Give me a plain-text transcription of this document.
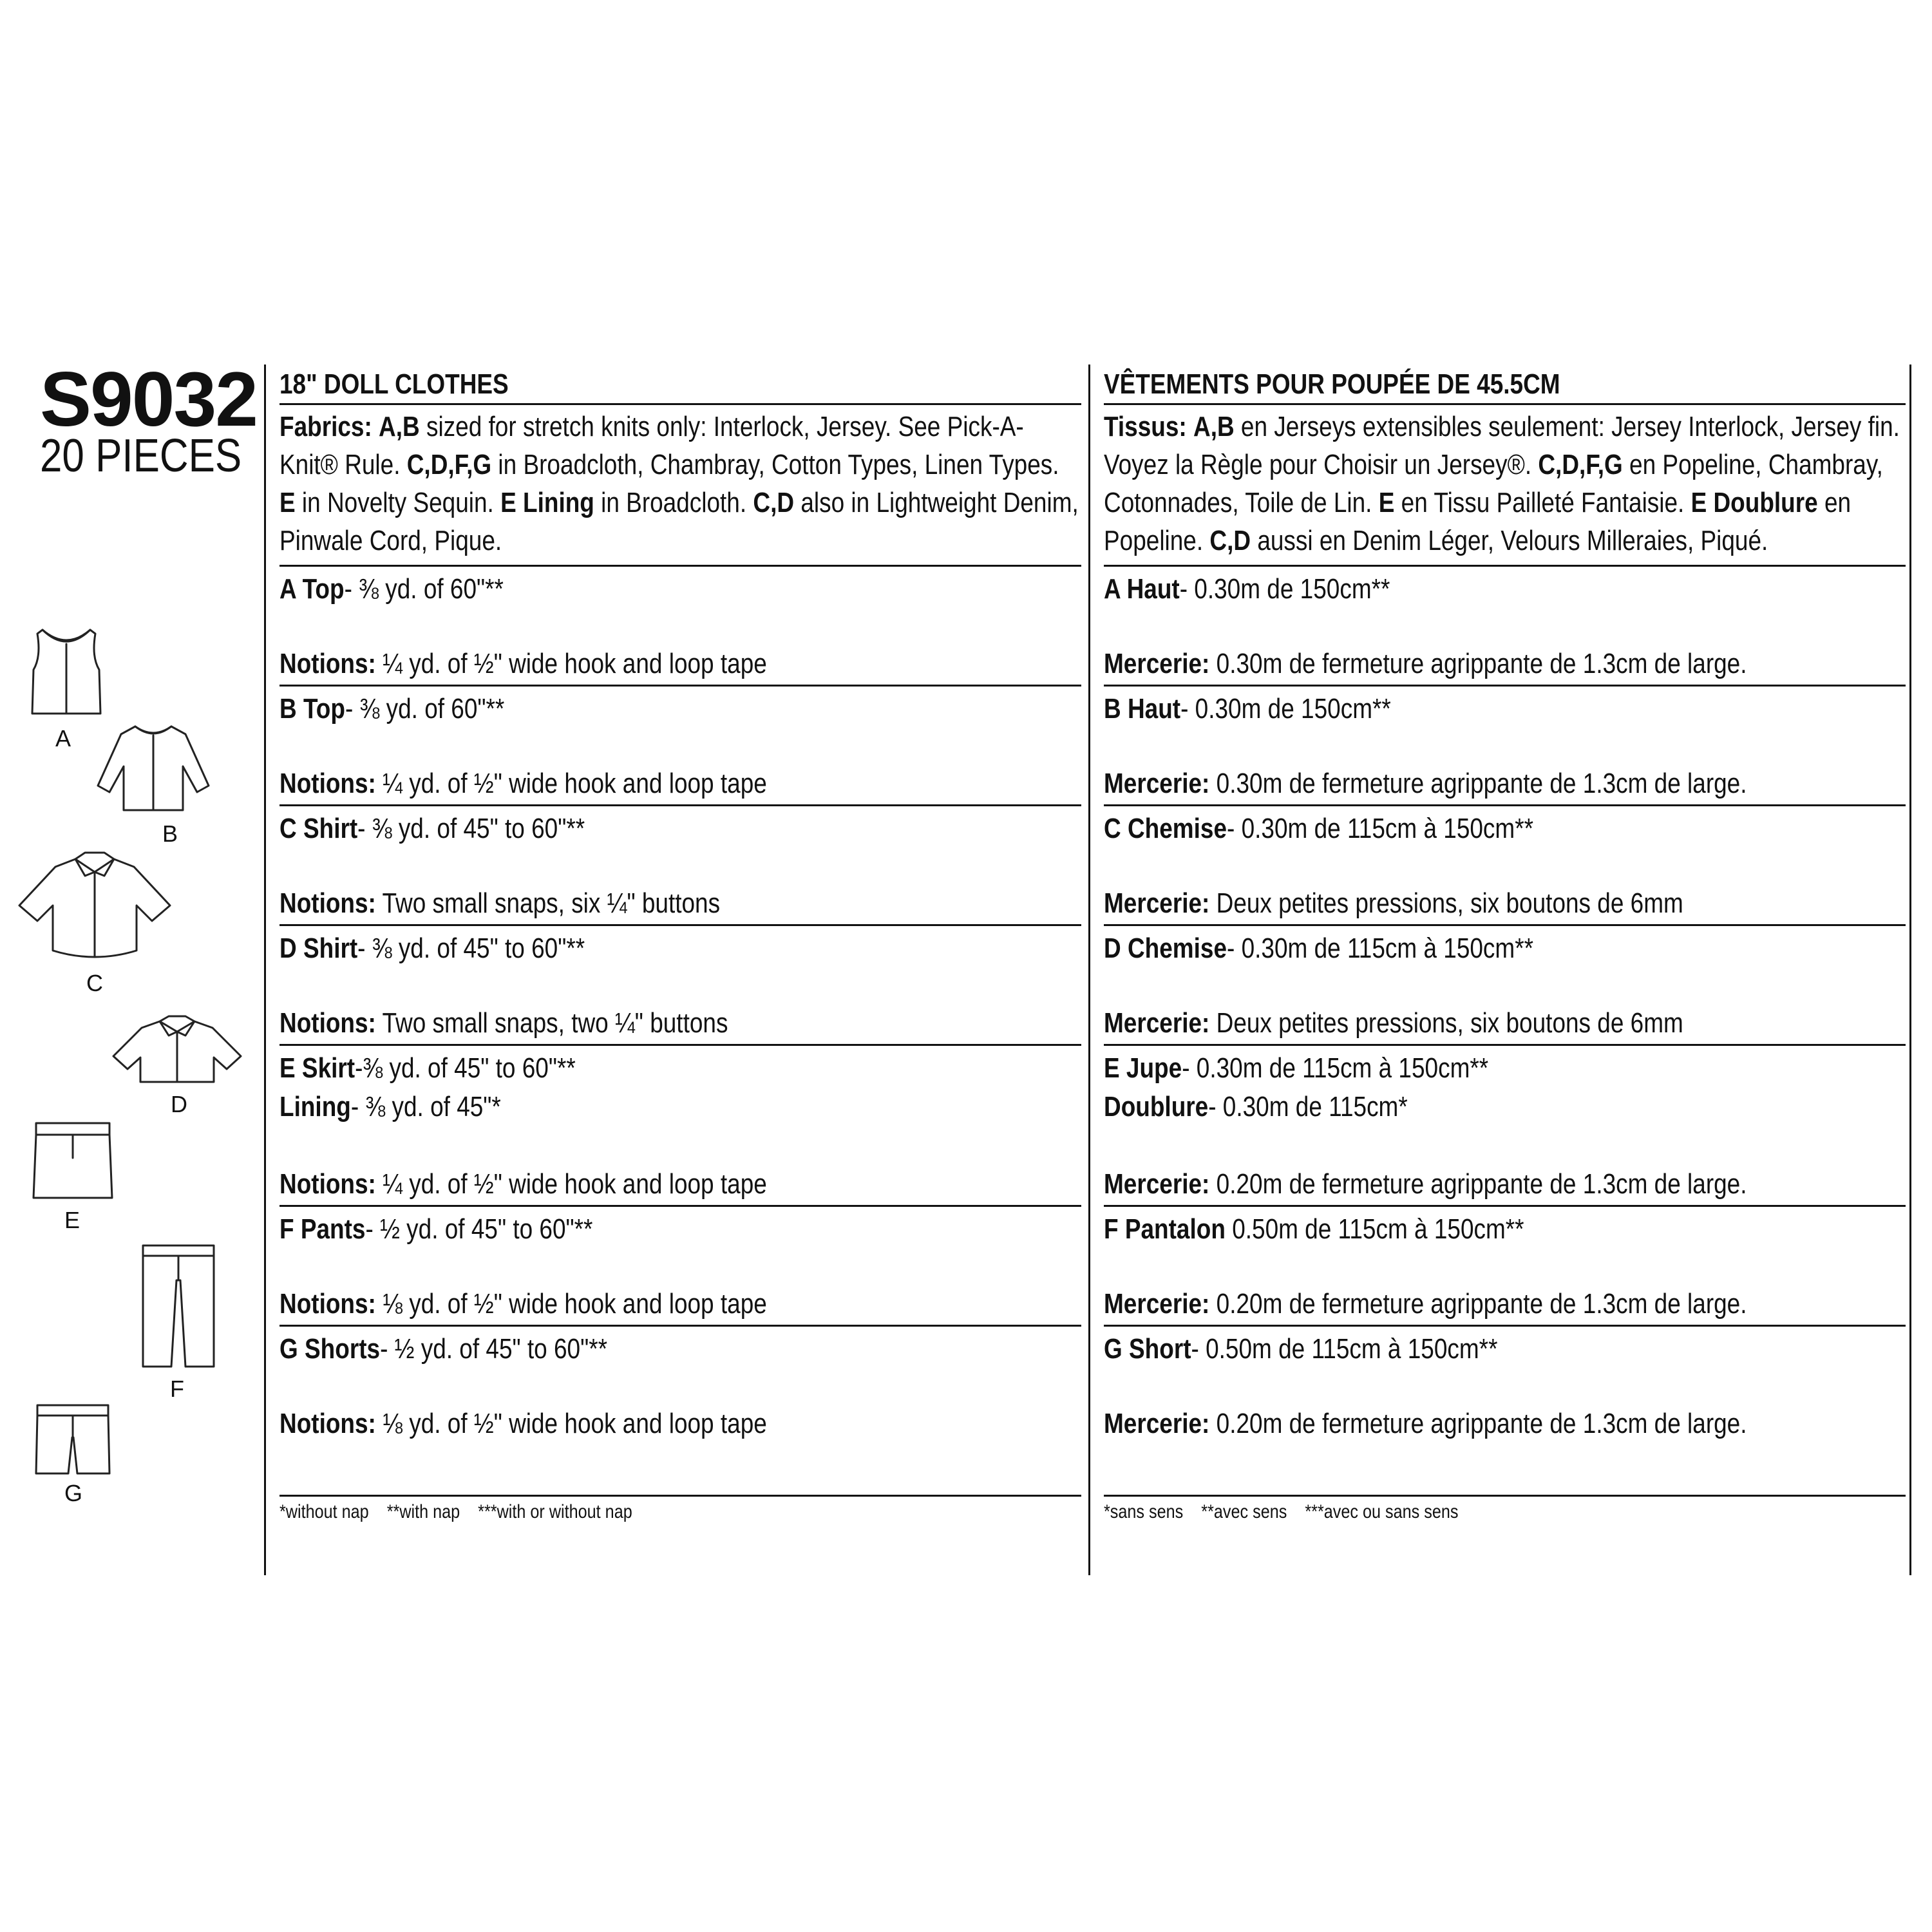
S9032
20 PIECES
A
B
C
D
E
F
G
18" DOLL CLOTHES
Fabrics: A,B sized for stretch knits only: Interlock, Jersey. See Pick-A-Knit® Rule. C,D,F,G in Broadcloth, Chambray, Cotton Types, Linen Types. E in Novelty Sequin. E Lining in Broadcloth. C,D also in Lightweight Denim, Pinwale Cord, Pique.
A Top- ⅜ yd. of 60"**
Notions: ¼ yd. of ½" wide hook and loop tape
B Top- ⅜ yd. of 60"**
Notions: ¼ yd. of ½" wide hook and loop tape
C Shirt- ⅜ yd. of 45" to 60"**
Notions: Two small snaps, six ¼" buttons
D Shirt- ⅜ yd. of 45" to 60"**
Notions: Two small snaps, two ¼" buttons
E Skirt-⅜ yd. of 45" to 60"**
Lining- ⅜ yd. of 45"*
Notions: ¼ yd. of ½" wide hook and loop tape
F Pants- ½ yd. of 45" to 60"**
Notions: ⅛ yd. of ½" wide hook and loop tape
G Shorts- ½ yd. of 45" to 60"**
Notions: ⅛ yd. of ½" wide hook and loop tape
*without nap    **with nap    ***with or without nap
VÊTEMENTS POUR POUPÉE DE 45.5CM
Tissus: A,B en Jerseys extensibles seulement: Jersey Interlock, Jersey fin. Voyez la Règle pour Choisir un Jersey®. C,D,F,G en Popeline, Chambray, Cotonnades, Toile de Lin. E en Tissu Pailleté Fantaisie. E Doublure en Popeline. C,D aussi en Denim Léger, Velours Milleraies, Piqué.
A Haut- 0.30m de 150cm**
Mercerie: 0.30m de fermeture agrippante de 1.3cm de large.
B Haut- 0.30m de 150cm**
Mercerie: 0.30m de fermeture agrippante de 1.3cm de large.
C Chemise- 0.30m de 115cm à 150cm**
Mercerie: Deux petites pressions, six boutons de 6mm
D Chemise- 0.30m de 115cm à 150cm**
Mercerie: Deux petites pressions, six boutons de 6mm
E Jupe- 0.30m de 115cm à 150cm**
Doublure- 0.30m de 115cm*
Mercerie: 0.20m de fermeture agrippante de 1.3cm de large.
F Pantalon 0.50m de 115cm à 150cm**
Mercerie: 0.20m de fermeture agrippante de 1.3cm de large.
G Short- 0.50m de 115cm à 150cm**
Mercerie: 0.20m de fermeture agrippante de 1.3cm de large.
*sans sens    **avec sens    ***avec ou sans sens
